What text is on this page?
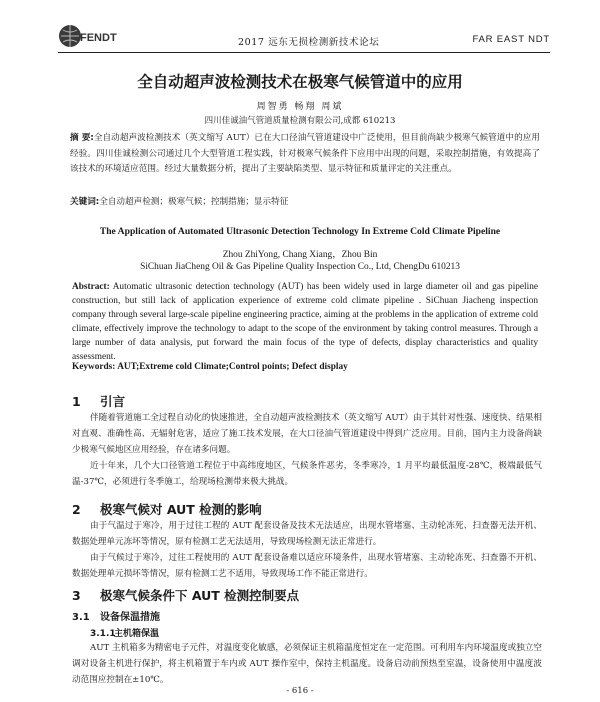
FENDT	2017 远东无损检测新技术论坛	FAR EAST NDT
全自动超声波检测技术在极寒气候管道中的应用
周智勇 畅翔 周斌
四川佳诚油气管道质量检测有限公司,成都 610213
摘 要:全自动超声波检测技术（英文缩写 AUT）已在大口径油气管道建设中广泛使用，但目前尚缺少极寒气候管道中的应用经验。四川佳诚检测公司通过几个大型管道工程实践，针对极寒气候条件下应用中出现的问题，采取控制措施，有效提高了该技术的环境适应范围。经过大量数据分析，提出了主要缺陷类型、显示特征和质量评定的关注重点。
关键词:全自动超声检测；极寒气候；控制措施；显示特征
The Application of Automated Ultrasonic Detection Technology In Extreme Cold Climate Pipeline
Zhou ZhiYong, Chang Xiang，Zhou Bin
SiChuan JiaCheng Oil & Gas Pipeline Quality Inspection Co., Ltd, ChengDu 610213
Abstract: Automatic ultrasonic detection technology (AUT) has been widely used in large diameter oil and gas pipeline construction, but still lack of application experience of extreme cold climate pipeline . SiChuan Jiacheng inspection company through several large-scale pipeline engineering practice, aiming at the problems in the application of extreme cold climate, effectively improve the technology to adapt to the scope of the environment by taking control measures. Through a large number of data analysis, put forward the main focus of the type of defects, display characteristics and quality assessment.
Keywords: AUT;Extreme cold Climate;Control points; Defect display
1 引言
伴随着管道施工全过程自动化的快速推进，全自动超声波检测技术（英文缩写 AUT）由于其针对性强、速度快、结果相对直观、准确性高、无辐射危害，适应了施工技术发展，在大口径油气管道建设中得到广泛应用。目前，国内主力设备尚缺少极寒气候地区应用经验，存在诸多问题。
近十年来，几个大口径管道工程位于中高纬度地区，气候条件恶劣，冬季寒冷，1 月平均最低温度-28℃，极端最低气温-37℃，必须进行冬季施工，给现场检测带来极大挑战。
2 极寒气候对 AUT 检测的影响
由于气温过于寒冷，用于过往工程的 AUT 配套设备及技术无法适应，出现水管堵塞、主动轮冻死、扫查器无法开机、数据处理单元冻坏等情况，原有检测工艺无法适用，导致现场检测无法正常进行。
由于气候过于寒冷，过往工程使用的 AUT 配套设备难以适应环境条件，出现水管堵塞、主动轮冻死、扫查器不开机、数据处理单元损坏等情况，原有检测工艺不适用，导致现场工作不能正常进行。
3 极寒气候条件下 AUT 检测控制要点
3.1 设备保温措施
3.1.1主机箱保温
AUT 主机箱多为精密电子元件，对温度变化敏感，必须保证主机箱温度恒定在一定范围。可利用车内环境温度或独立空调对设备主机进行保护，将主机箱置于车内或 AUT 操作室中，保持主机温度。设备启动前预热至室温，设备使用中温度波动范围应控制在±10℃。
- 616 -
